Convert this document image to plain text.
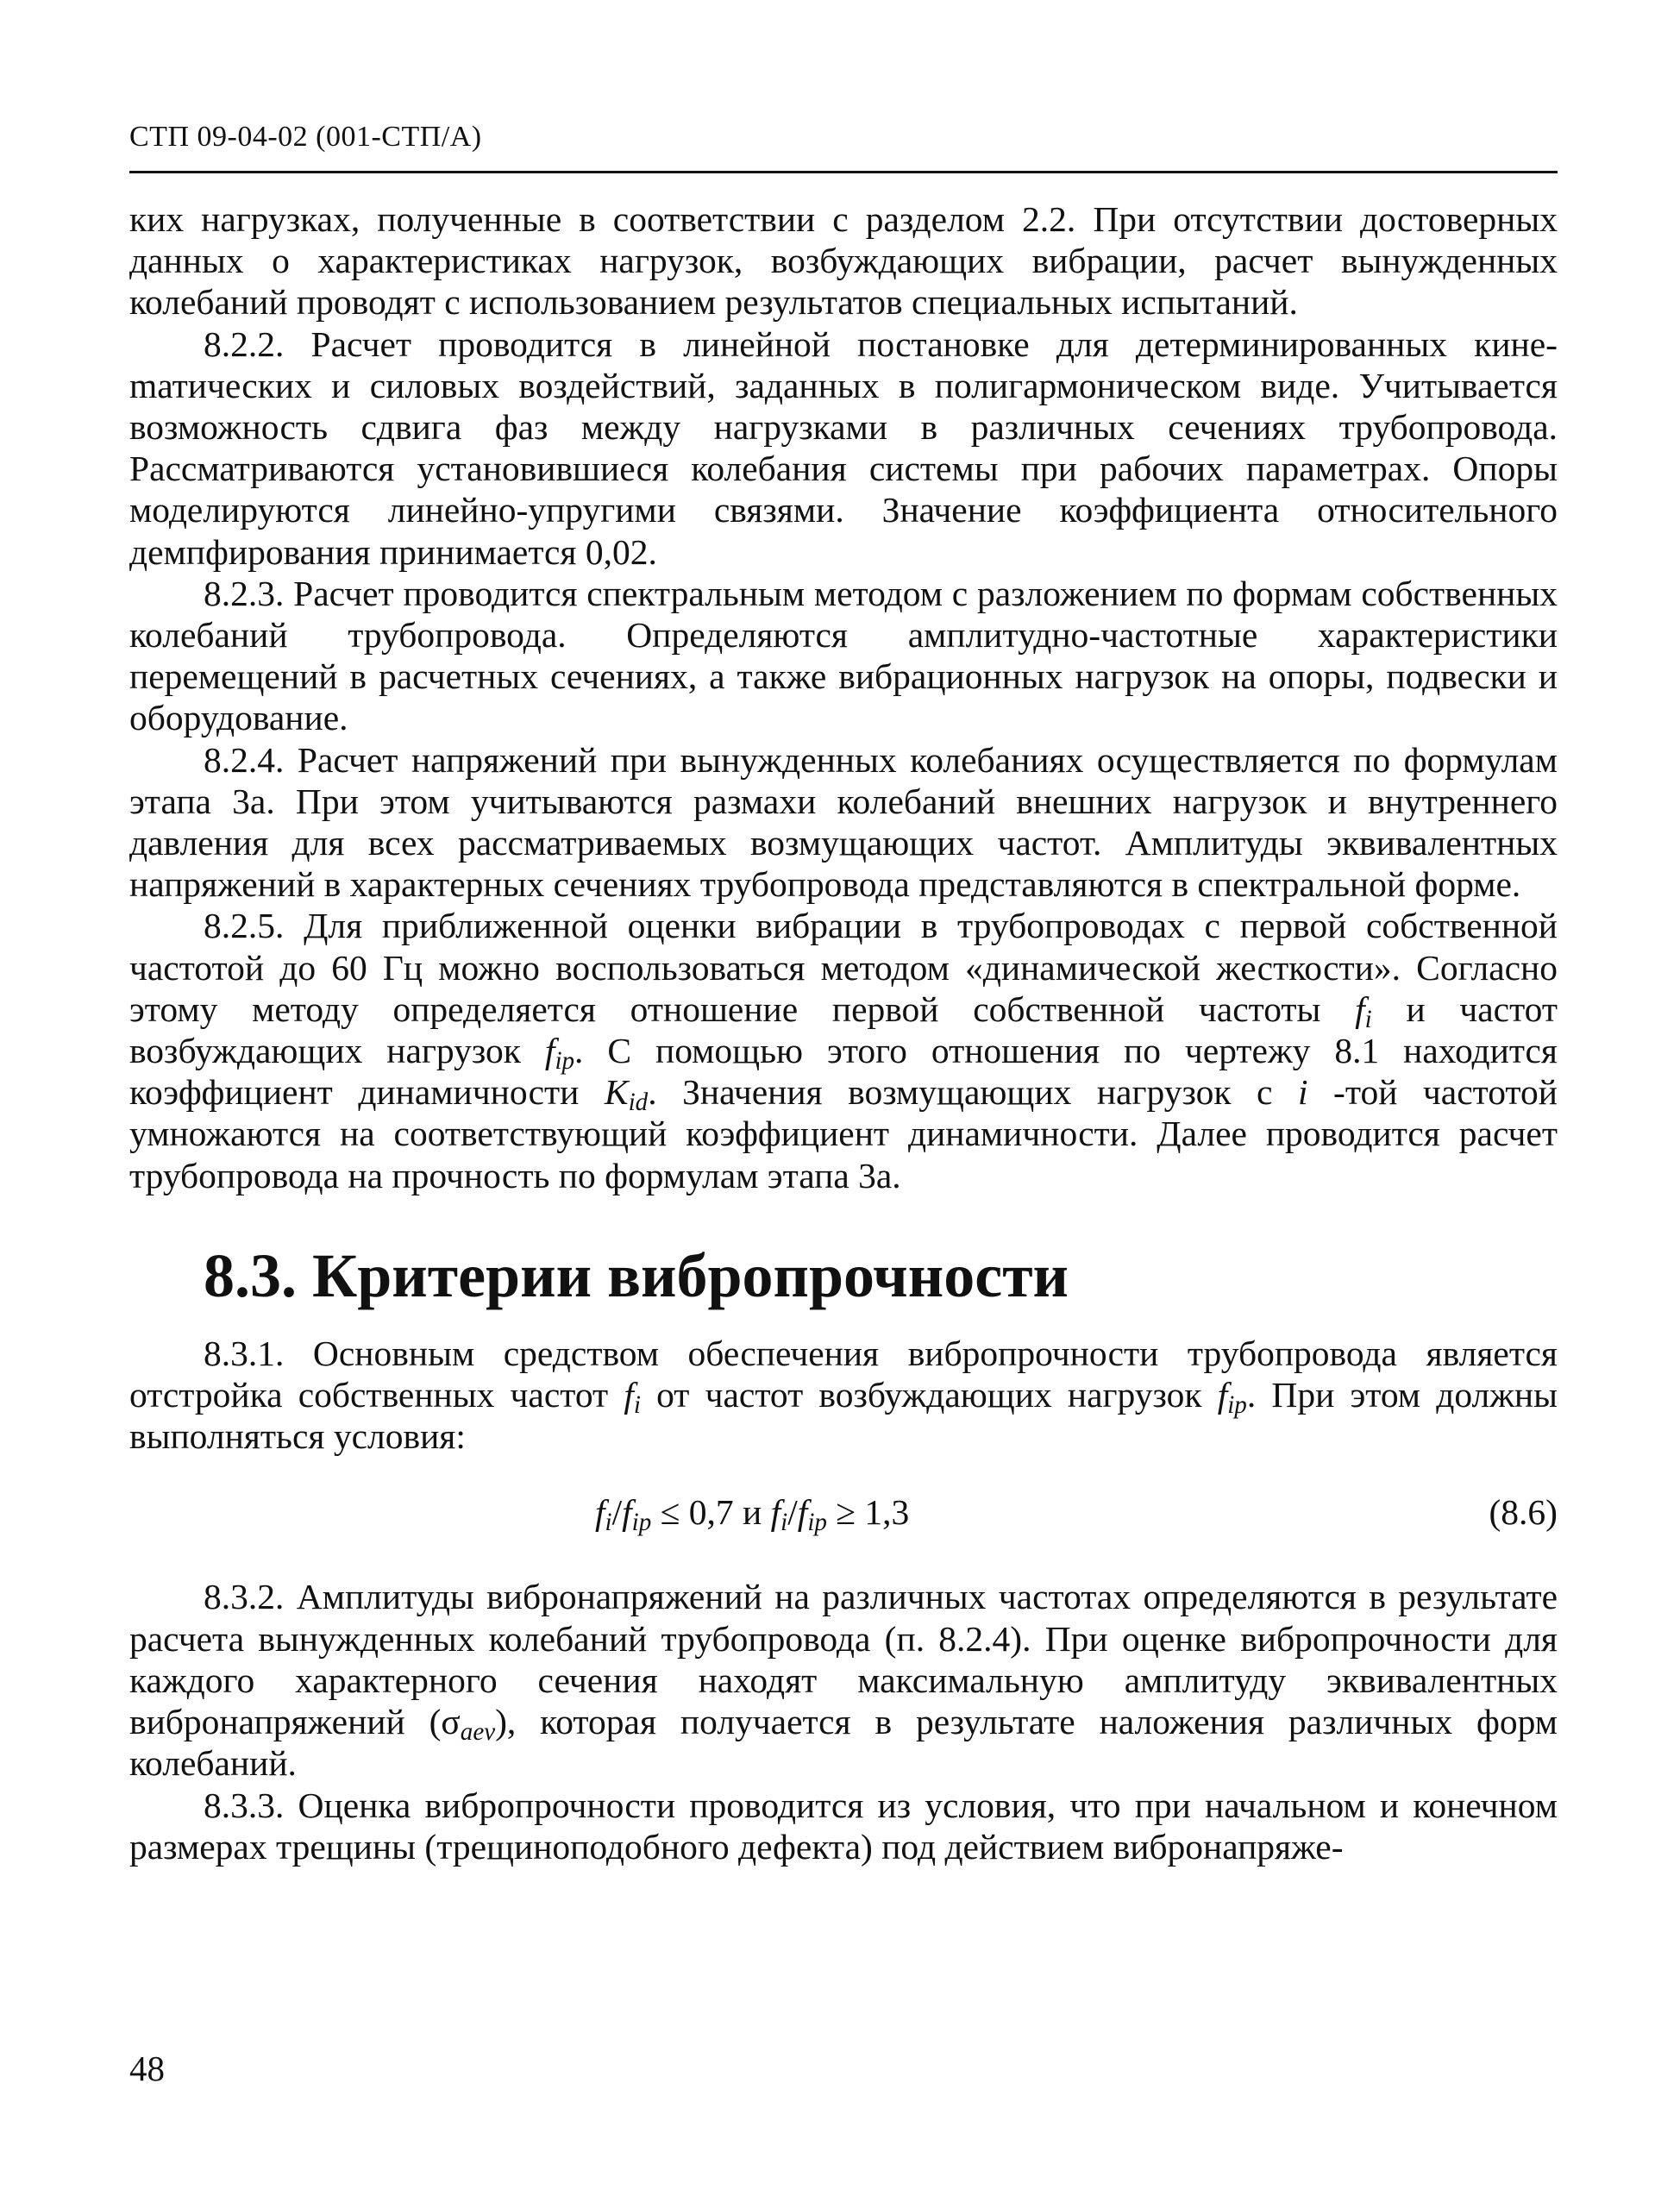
СТП 09-04-02 (001-СТП/А)

ких нагрузках, полученные в соответствии с разделом 2.2. При отсутствии достоверных данных о характеристиках нагрузок, возбуждающих вибрации, расчет вынужденных колебаний проводят с использованием результатов специальных испытаний.

8.2.2. Расчет проводится в линейной постановке для детерминированных кинеmатических и силовых воздействий, заданных в полигармоническом виде. Учитывается возможность сдвига фаз между нагрузками в различных сечениях трубопровода. Рассматриваются установившиеся колебания системы при рабочих параметрах. Опоры моделируются линейно-упругими связями. Значение коэффициента относительного демпфирования принимается 0,02.

8.2.3. Расчет проводится спектральным методом с разложением по формам собственных колебаний трубопровода. Определяются амплитудно-частотные характеристики перемещений в расчетных сечениях, а также вибрационных нагрузок на опоры, подвески и оборудование.

8.2.4. Расчет напряжений при вынужденных колебаниях осуществляется по формулам этапа 3а. При этом учитываются размахи колебаний внешних нагрузок и внутреннего давления для всех рассматриваемых возмущающих частот. Амплитуды эквивалентных напряжений в характерных сечениях трубопровода представляются в спектральной форме.

8.2.5. Для приближенной оценки вибрации в трубопроводах с первой собственной частотой до 60 Гц можно воспользоваться методом «динамической жесткости». Согласно этому методу определяется отношение первой собственной частоты $f_i$ и частот возбуждающих нагрузок $f_{ip}$. С помощью этого отношения по чертежу 8.1 находится коэффициент динамичности $K_{id}$. Значения возмущающих нагрузок с i -той частотой умножаются на соответствующий коэффициент динамичности. Далее проводится расчет трубопровода на прочность по формулам этапа 3а.

8.3. Критерии вибропрочности

8.3.1. Основным средством обеспечения вибропрочности трубопровода является отстройка собственных частот $f_i$ от частот возбуждающих нагрузок $f_{ip}$. При этом должны выполняться условия:

$f_i/f_{ip} \le 0,7$ и $f_i/f_{ip} \ge 1,3$	(8.6)

8.3.2. Амплитуды вибронапряжений на различных частотах определяются в результате расчета вынужденных колебаний трубопровода (п. 8.2.4). При оценке вибропрочности для каждого характерного сечения находят максимальную амплитуду эквивалентных вибронапряжений $(\sigma_{aev})$, которая получается в результате наложения различных форм колебаний.

8.3.3. Оценка вибропрочности проводится из условия, что при начальном и конечном размерах трещины (трещиноподобного дефекта) под действием вибронапряже-

48
